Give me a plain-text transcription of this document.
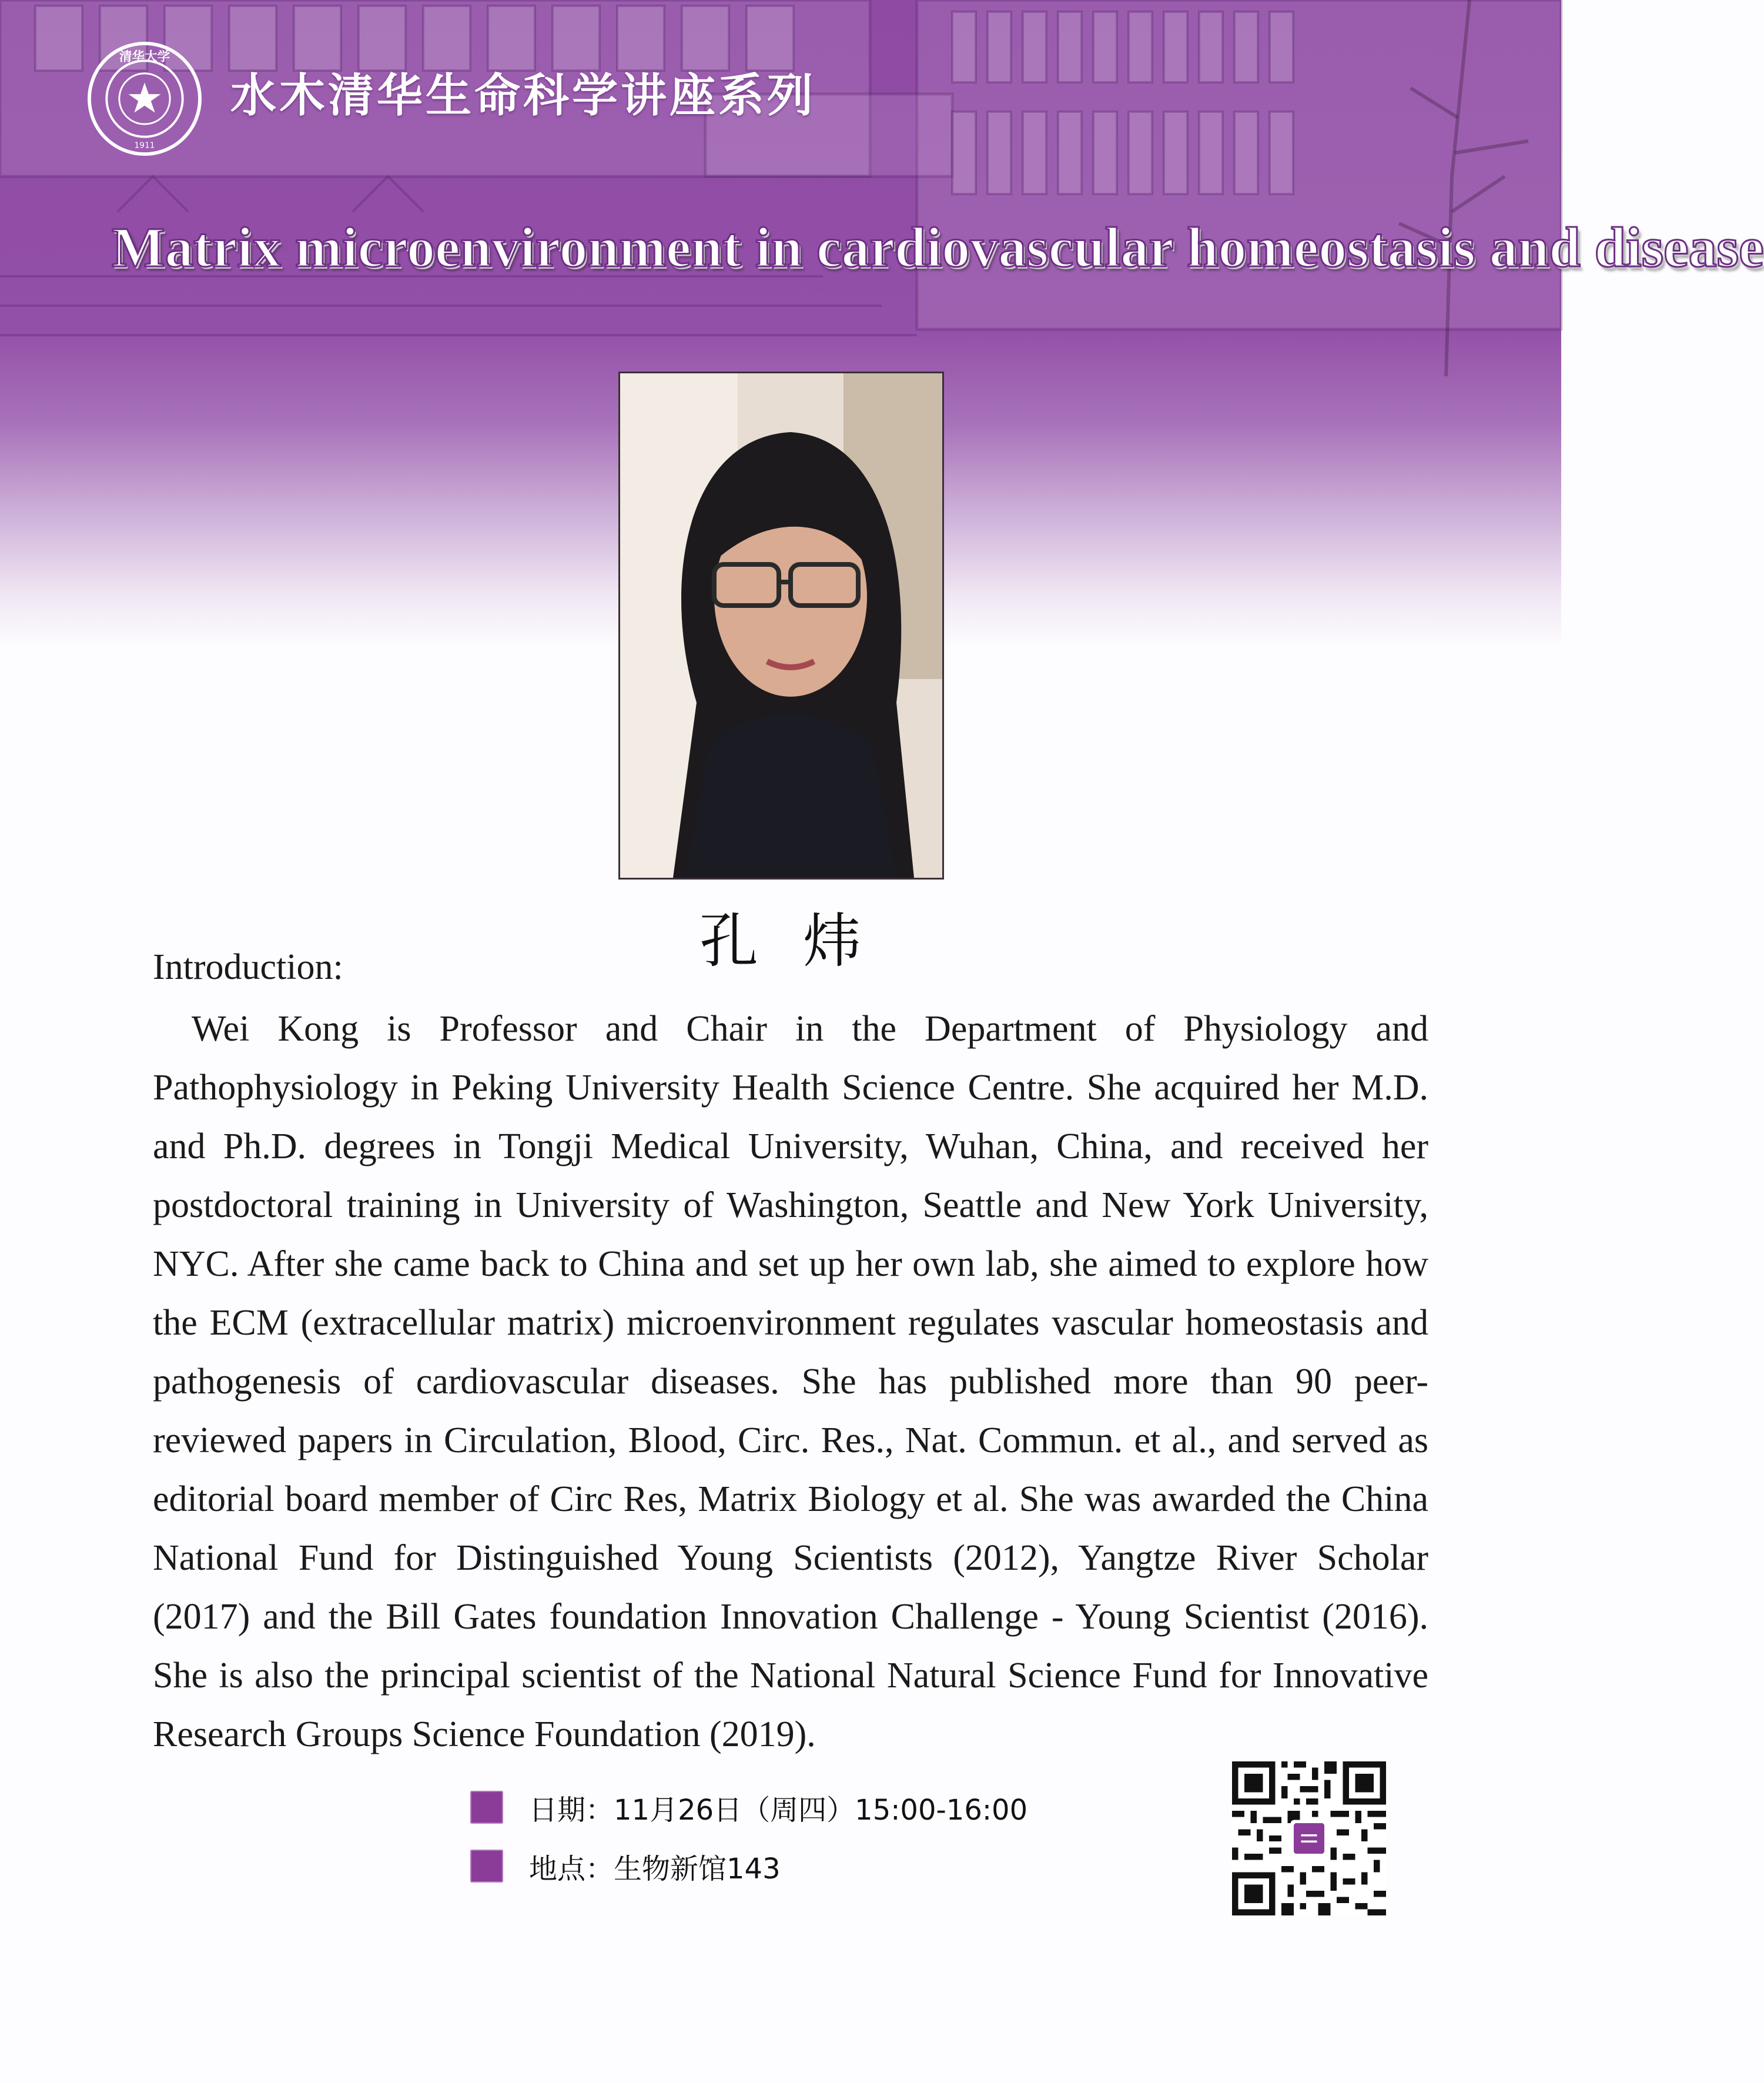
清华大学
1911
水木清华生命科学讲座系列
Matrix microenvironment in cardiovascular homeostasis and disease
孔 炜
Introduction:

Wei Kong is Professor and Chair in the Department of Physiology and Pathophysiology in Peking University Health Science Centre. She acquired her M.D. and Ph.D. degrees in Tongji Medical University, Wuhan, China, and received her postdoctoral training in University of Washington, Seattle and New York University, NYC. After she came back to China and set up her own lab, she aimed to explore how the ECM (extracellular matrix) microenvironment regulates vascular homeostasis and pathogenesis of cardiovascular diseases. She has published more than 90 peer-reviewed papers in Circulation, Blood, Circ. Res., Nat. Commun. et al., and served as editorial board member of Circ Res, Matrix Biology et al. She was awarded the China National Fund for Distinguished Young Scientists (2012), Yangtze River Scholar (2017) and the Bill Gates foundation Innovation Challenge - Young Scientist (2016). She is also the principal scientist of the National Natural Science Fund for Innovative Research Groups Science Foundation (2019).

日期：11月26日（周四）15:00-16:00
地点：生物新馆143
